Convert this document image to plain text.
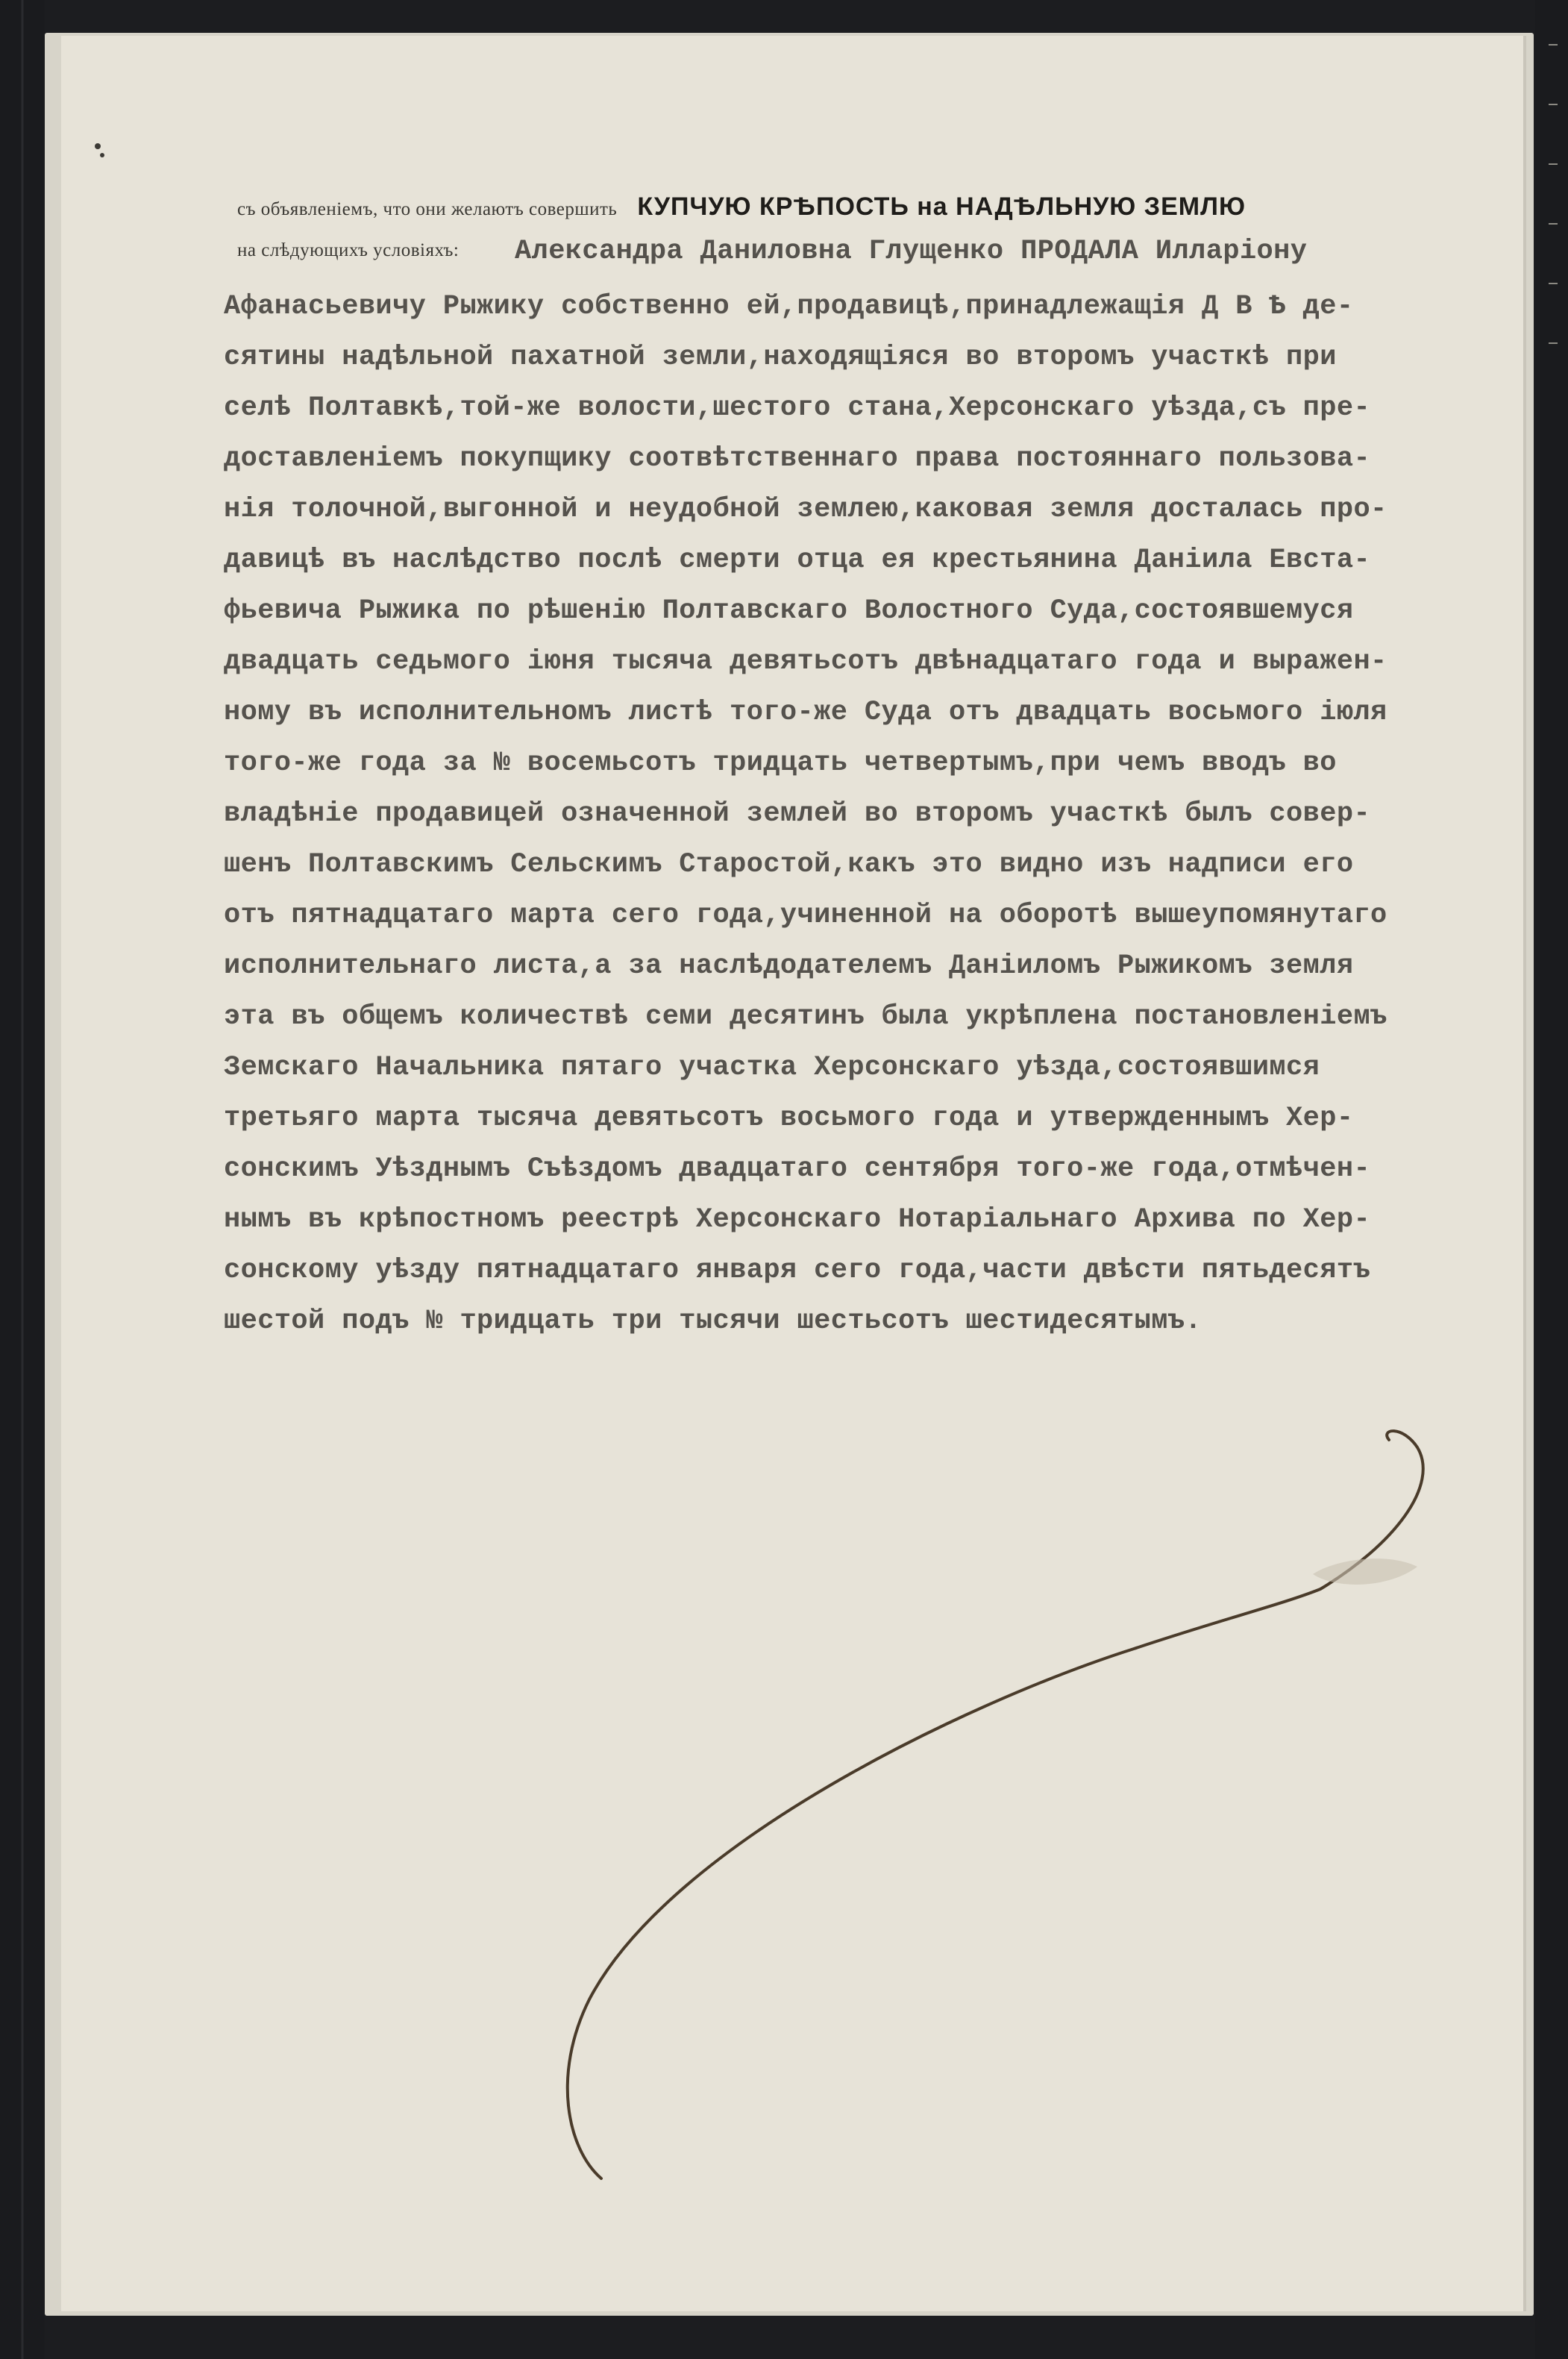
съ объявленіемъ, что они желаютъ совершить КУПЧУЮ КРѢПОСТЬ на НАДѢЛЬНУЮ ЗЕМЛЮ
на слѣдующихъ условіяхъ: Александра Даниловна Глущенко ПРОДАЛА Илларіону
Афанасьевичу Рыжику собственно ей,продавицѣ,принадлежащія Д В Ѣ де-
сятины надѣльной пахатной земли,находящіяся во второмъ участкѣ при
селѣ Полтавкѣ,той-же волости,шестого стана,Херсонскаго уѣзда,съ пре-
доставленіемъ покупщику соотвѣтственнаго права постояннаго пользова-
нія толочной,выгонной и неудобной землею,каковая земля досталась про-
давицѣ въ наслѣдство послѣ смерти отца ея крестьянина Даніила Евста-
фьевича Рыжика по рѣшенію Полтавскаго Волостного Суда,состоявшемуся
двадцать седьмого іюня тысяча девятьсотъ двѣнадцатаго года и выражен-
ному въ исполнительномъ листѣ того-же Суда отъ двадцать восьмого іюля
того-же года за № восемьсотъ тридцать четвертымъ,при чемъ вводъ во
владѣніе продавицей означенной землей во второмъ участкѣ былъ совер-
шенъ Полтавскимъ Сельскимъ Старостой,какъ это видно изъ надписи его
отъ пятнадцатаго марта сего года,учиненной на оборотѣ вышеупомянутаго
исполнительнаго листа,а за наслѣдодателемъ Даніиломъ Рыжикомъ земля
эта въ общемъ количествѣ семи десятинъ была укрѣплена постановленіемъ
Земскаго Начальника пятаго участка Херсонскаго уѣзда,состоявшимся
третьяго марта тысяча девятьсотъ восьмого года и утвержденнымъ Хер-
сонскимъ Уѣзднымъ Съѣздомъ двадцатаго сентября того-же года,отмѣчен-
нымъ въ крѣпостномъ реестрѣ Херсонскаго Нотаріальнаго Архива по Хер-
сонскому уѣзду пятнадцатаго января сего года,части двѣсти пятьдесятъ
шестой подъ № тридцать три тысячи шестьсотъ шестидесятымъ.
